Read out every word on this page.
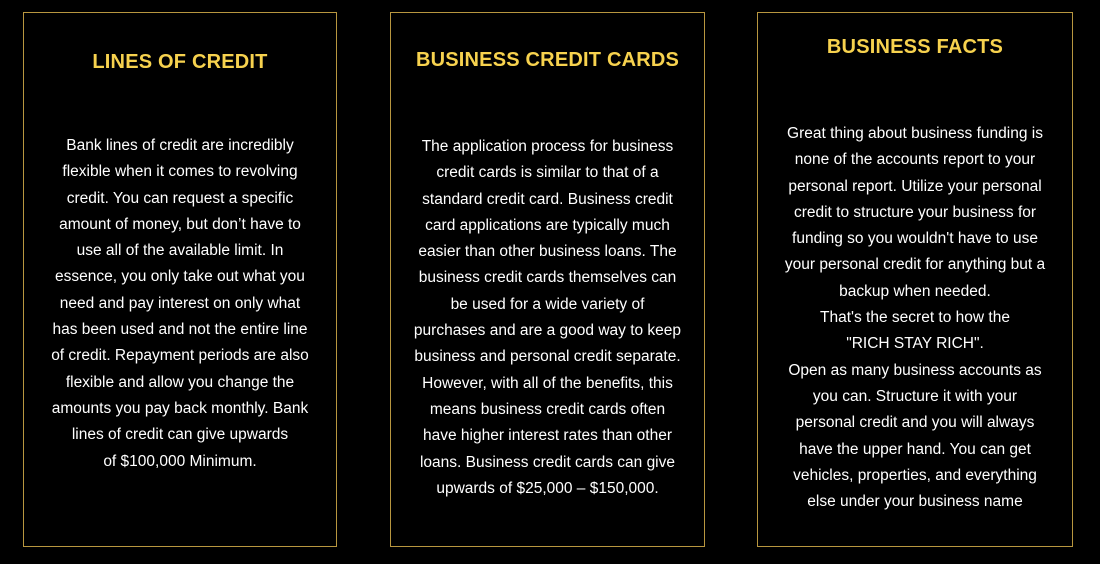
LINES OF CREDIT

Bank lines of credit are incredibly
flexible when it comes to revolving
credit. You can request a specific
amount of money, but don’t have to
use all of the available limit. In
essence, you only take out what you
need and pay interest on only what
has been used and not the entire line
of credit. Repayment periods are also
flexible and allow you change the
amounts you pay back monthly. Bank
lines of credit can give upwards
of $100,000 Minimum.

BUSINESS CREDIT CARDS

The application process for business
credit cards is similar to that of a
standard credit card. Business credit
card applications are typically much
easier than other business loans. The
business credit cards themselves can
be used for a wide variety of
purchases and are a good way to keep
business and personal credit separate.
However, with all of the benefits, this
means business credit cards often
have higher interest rates than other
loans. Business credit cards can give
upwards of $25,000 – $150,000.

BUSINESS FACTS

Great thing about business funding is
none of the accounts report to your
personal report. Utilize your personal
credit to structure your business for
funding so you wouldn't have to use
your personal credit for anything but a
backup when needed.
That's the secret to how the
"RICH STAY RICH".
Open as many business accounts as
you can. Structure it with your
personal credit and you will always
have the upper hand. You can get
vehicles, properties, and everything
else under your business name
